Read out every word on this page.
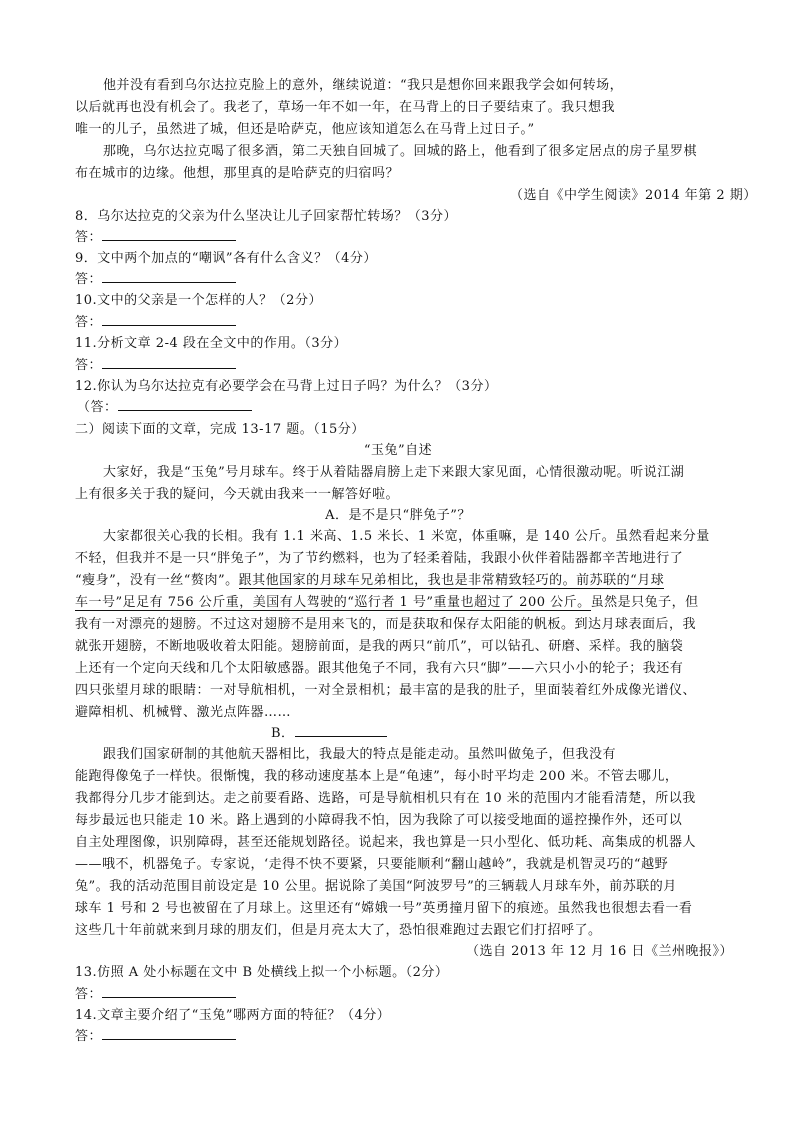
他并没有看到乌尔达拉克脸上的意外，继续说道：“我只是想你回来跟我学会如何转场，
以后就再也没有机会了。我老了，草场一年不如一年，在马背上的日子要结束了。我只想我
唯一的儿子，虽然进了城，但还是哈萨克，他应该知道怎么在马背上过日子。”
那晚，乌尔达拉克喝了很多酒，第二天独自回城了。回城的路上，他看到了很多定居点的房子星罗棋
布在城市的边缘。他想，那里真的是哈萨克的归宿吗？
（选自《中学生阅读》2014 年第 2 期）
8．乌尔达拉克的父亲为什么坚决让儿子回家帮忙转场？（3分）
答：
9．文中两个加点的“嘲讽”各有什么含义？（4分）
答：
10.文中的父亲是一个怎样的人？（2分）
答：
11.分析文章 2-4 段在全文中的作用。（3分）
答：
12.你认为乌尔达拉克有必要学会在马背上过日子吗？为什么？（3分）
（答：
二）阅读下面的文章，完成 13-17 题。（15分）
“玉兔”自述
大家好，我是“玉兔”号月球车。终于从着陆器肩膀上走下来跟大家见面，心情很激动呢。听说江湖
上有很多关于我的疑问，今天就由我来一一解答好啦。
A．是不是只“胖兔子”？
大家都很关心我的长相。我有 1.1 米高、1.5 米长、1 米宽，体重嘛，是 140 公斤。虽然看起来分量
不轻，但我并不是一只“胖兔子”，为了节约燃料，也为了轻柔着陆，我跟小伙伴着陆器都辛苦地进行了
“瘦身”，没有一丝“赘肉”。跟其他国家的月球车兄弟相比，我也是非常精致轻巧的。前苏联的“月球
车一号”足足有 756 公斤重，美国有人驾驶的“巡行者 1 号”重量也超过了 200 公斤。虽然是只兔子，但
我有一对漂亮的翅膀。不过这对翅膀不是用来飞的，而是获取和保存太阳能的帆板。到达月球表面后，我
就张开翅膀，不断地吸收着太阳能。翅膀前面，是我的两只“前爪”，可以钻孔、研磨、采样。我的脑袋
上还有一个定向天线和几个太阳敏感器。跟其他兔子不同，我有六只“脚”——六只小小的轮子；我还有
四只张望月球的眼睛：一对导航相机，一对全景相机；最丰富的是我的肚子，里面装着红外成像光谱仪、
避障相机、机械臂、激光点阵器……
B．
跟我们国家研制的其他航天器相比，我最大的特点是能走动。虽然叫做兔子，但我没有
能跑得像兔子一样快。很惭愧，我的移动速度基本上是“龟速”，每小时平均走 200 米。不管去哪儿，
我都得分几步才能到达。走之前要看路、选路，可是导航相机只有在 10 米的范围内才能看清楚，所以我
每步最远也只能走 10 米。路上遇到的小障碍我不怕，因为我除了可以接受地面的遥控操作外，还可以
自主处理图像，识别障碍，甚至还能规划路径。说起来，我也算是一只小型化、低功耗、高集成的机器人
——哦不，机器兔子。专家说，‘走得不快不要紧，只要能顺利“翻山越岭”，我就是机智灵巧的“越野
兔”。我的活动范围目前设定是 10 公里。据说除了美国“阿波罗号”的三辆载人月球车外，前苏联的月
球车 1 号和 2 号也被留在了月球上。这里还有“嫦娥一号”英勇撞月留下的痕迹。虽然我也很想去看一看
这些几十年前就来到月球的朋友们，但是月亮太大了，恐怕很难跑过去跟它们打招呼了。
（选自 2013 年 12 月 16 日《兰州晚报》）
13.仿照 A 处小标题在文中 B 处横线上拟一个小标题。（2分）
答：
14.文章主要介绍了“玉兔”哪两方面的特征？（4分）
答：
